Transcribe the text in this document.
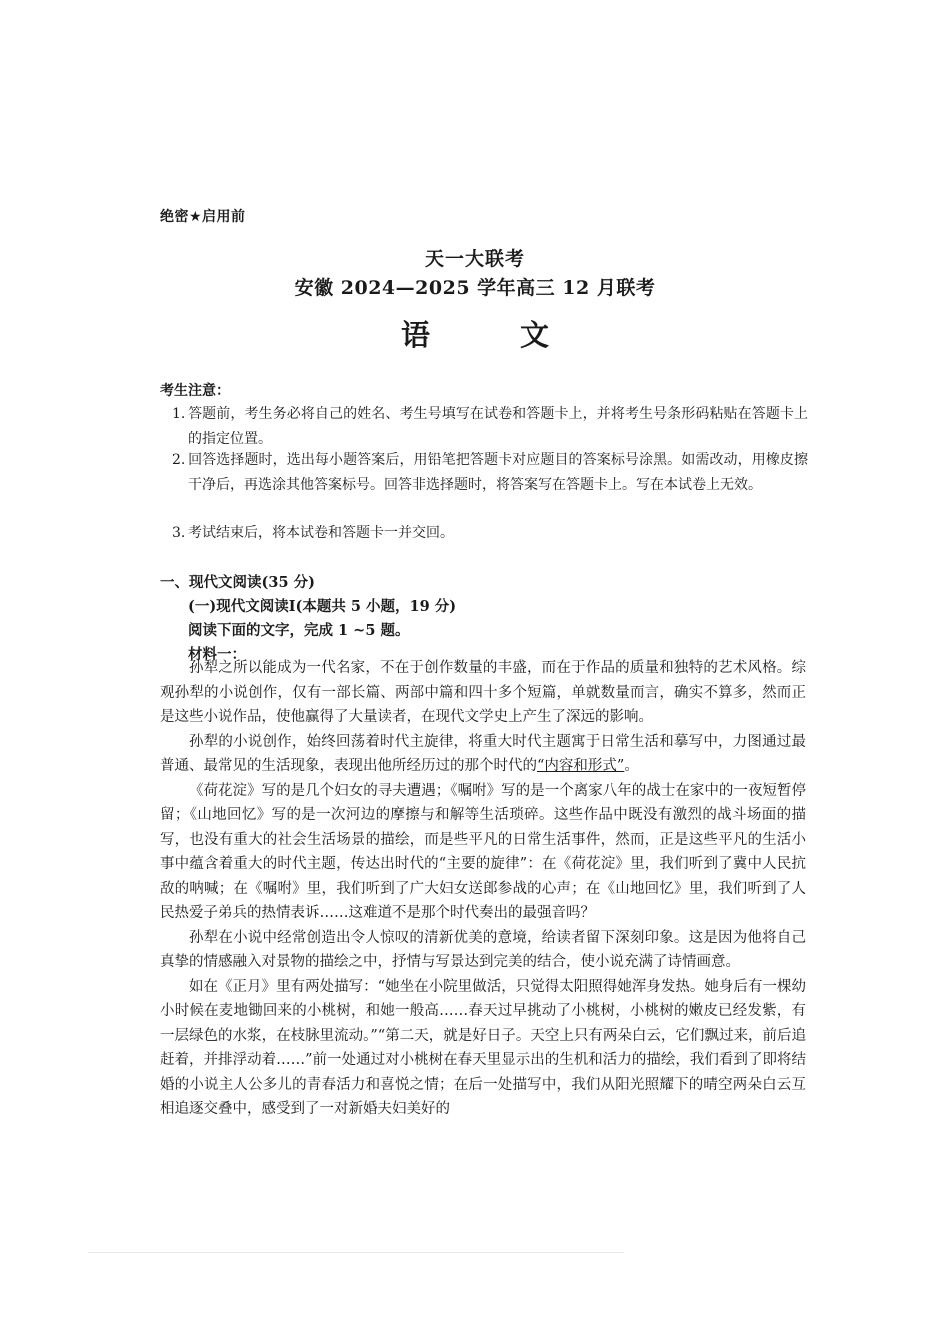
绝密★启用前
天一大联考
安徽 2024—2025 学年高三 12 月联考
语 文
考生注意：
1. 答题前，考生务必将自己的姓名、考生号填写在试卷和答题卡上，并将考生号条形码粘贴在答题卡上的指定位置。
2. 回答选择题时，选出每小题答案后，用铅笔把答题卡对应题目的答案标号涂黑。如需改动，用橡皮擦干净后，再选涂其他答案标号。回答非选择题时，将答案写在答题卡上。写在本试卷上无效。
3. 考试结束后，将本试卷和答题卡一并交回。
一、现代文阅读(35 分)
(一)现代文阅读Ⅰ(本题共 5 小题，19 分)
阅读下面的文字，完成 1 ~5 题。
材料一：

孙犁之所以能成为一代名家，不在于创作数量的丰盛，而在于作品的质量和独特的艺术风格。综观孙犁的小说创作，仅有一部长篇、两部中篇和四十多个短篇，单就数量而言，确实不算多，然而正是这些小说作品，使他赢得了大量读者，在现代文学史上产生了深远的影响。

孙犁的小说创作，始终回荡着时代主旋律，将重大时代主题寓于日常生活和摹写中，力图通过最普通、最常见的生活现象，表现出他所经历过的那个时代的“内容和形式”。

《荷花淀》写的是几个妇女的寻夫遭遇；《嘱咐》写的是一个离家八年的战士在家中的一夜短暂停留；《山地回忆》写的是一次河边的摩擦与和解等生活琐碎。这些作品中既没有激烈的战斗场面的描写，也没有重大的社会生活场景的描绘，而是些平凡的日常生活事件，然而，正是这些平凡的生活小事中蕴含着重大的时代主题，传达出时代的“主要的旋律”：在《荷花淀》里，我们听到了冀中人民抗敌的呐喊；在《嘱咐》里，我们听到了广大妇女送郎参战的心声；在《山地回忆》里，我们听到了人民热爱子弟兵的热情表诉……这难道不是那个时代奏出的最强音吗？

孙犁在小说中经常创造出令人惊叹的清新优美的意境，给读者留下深刻印象。这是因为他将自己真挚的情感融入对景物的描绘之中，抒情与写景达到完美的结合，使小说充满了诗情画意。

如在《正月》里有两处描写：“她坐在小院里做活，只觉得太阳照得她浑身发热。她身后有一棵幼小时候在麦地锄回来的小桃树，和她一般高……春天过早挑动了小桃树，小桃树的嫩皮已经发紫，有一层绿色的水浆，在枝脉里流动。”“第二天，就是好日子。天空上只有两朵白云，它们飘过来，前后追赶着，并排浮动着……”前一处通过对小桃树在春天里显示出的生机和活力的描绘，我们看到了即将结婚的小说主人公多儿的青春活力和喜悦之情；在后一处描写中，我们从阳光照耀下的晴空两朵白云互相追逐交叠中，感受到了一对新婚夫妇美好的
